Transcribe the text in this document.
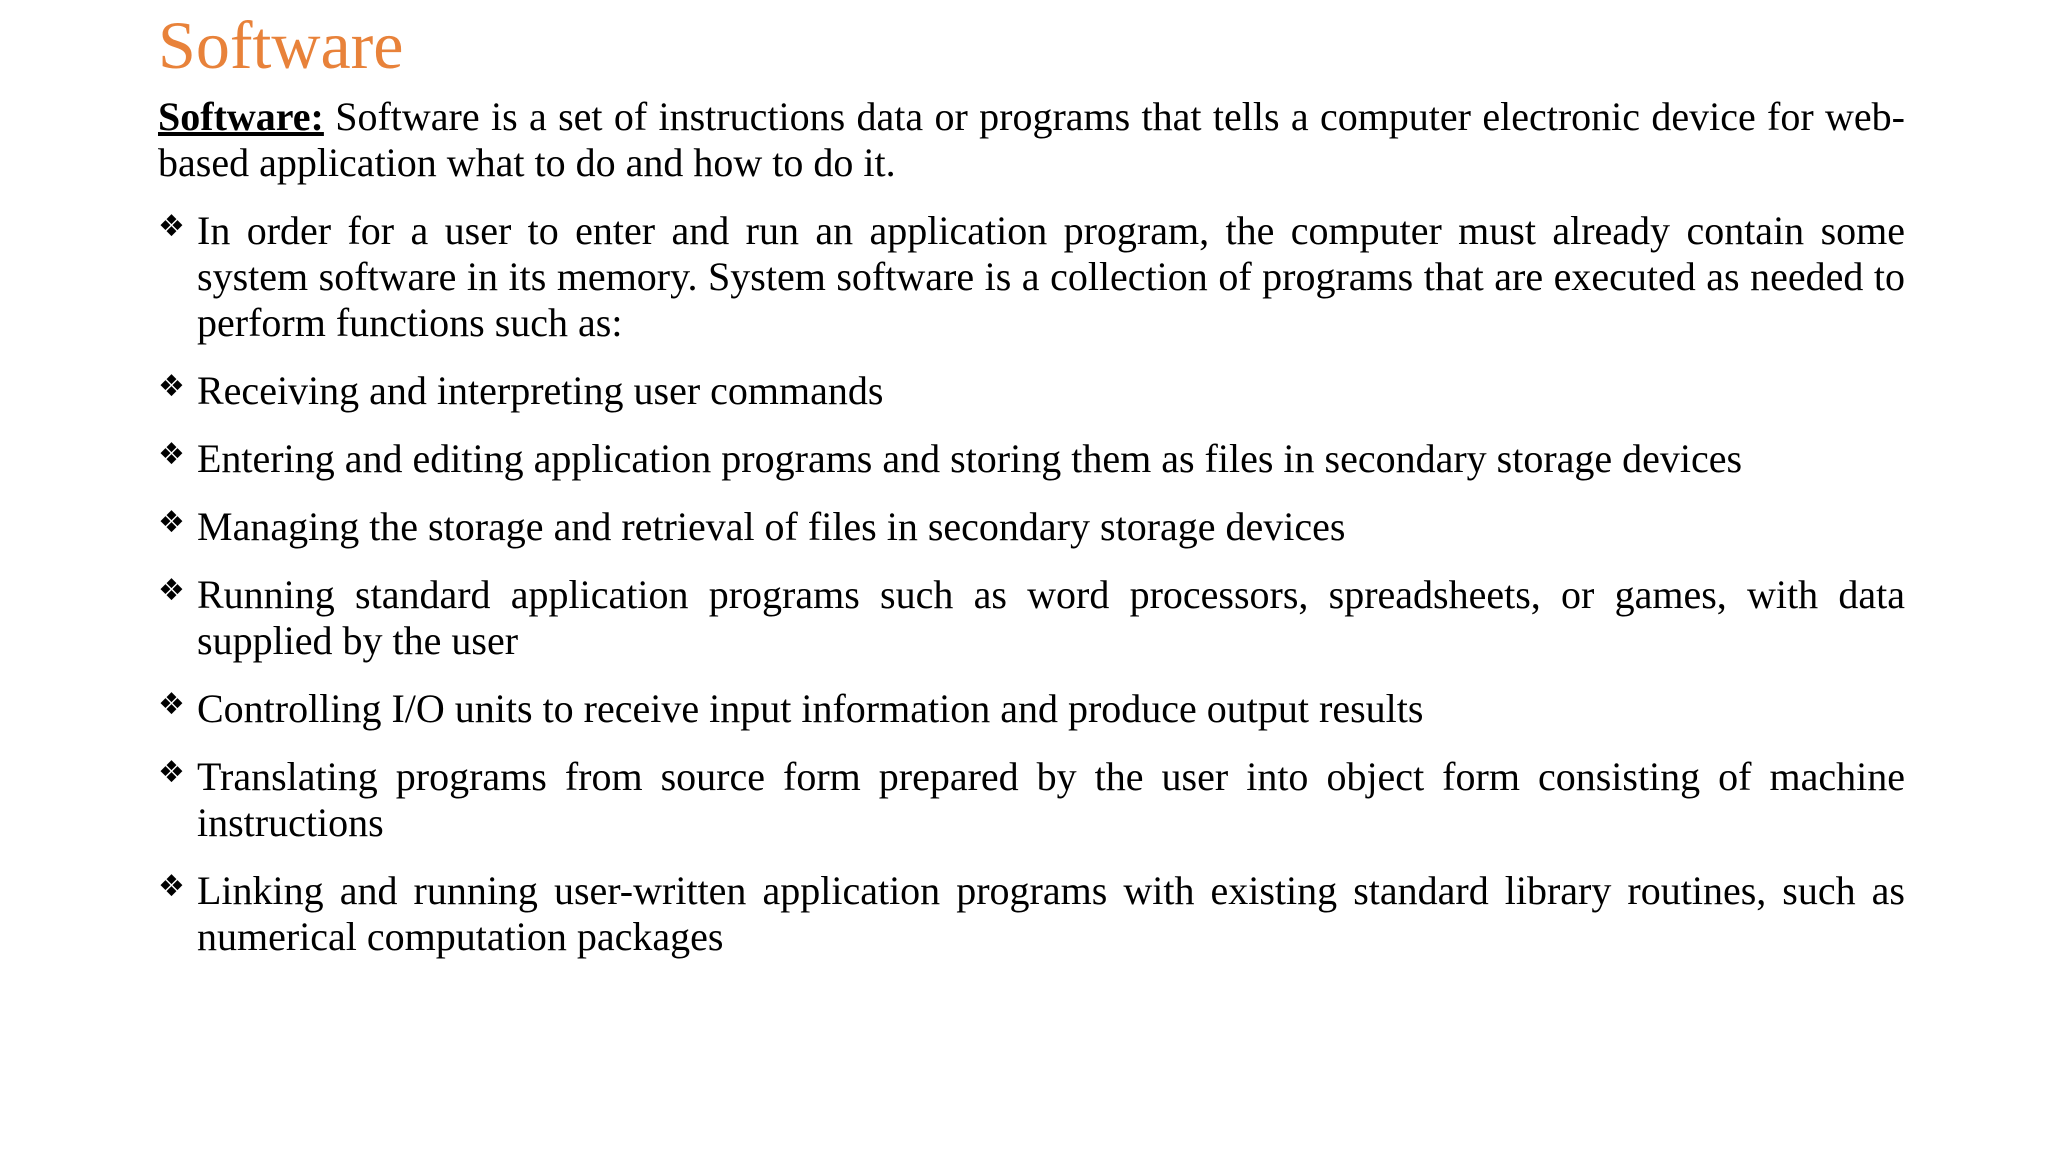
Software

Software: Software is a set of instructions data or programs that tells a computer electronic device for web-based application what to do and how to do it.

❖ In order for a user to enter and run an application program, the computer must already contain some system software in its memory. System software is a collection of programs that are executed as needed to perform functions such as:
❖ Receiving and interpreting user commands
❖ Entering and editing application programs and storing them as files in secondary storage devices
❖ Managing the storage and retrieval of files in secondary storage devices
❖ Running standard application programs such as word processors, spreadsheets, or games, with data supplied by the user
❖ Controlling I/O units to receive input information and produce output results
❖ Translating programs from source form prepared by the user into object form consisting of machine instructions
❖ Linking and running user-written application programs with existing standard library routines, such as numerical computation packages
